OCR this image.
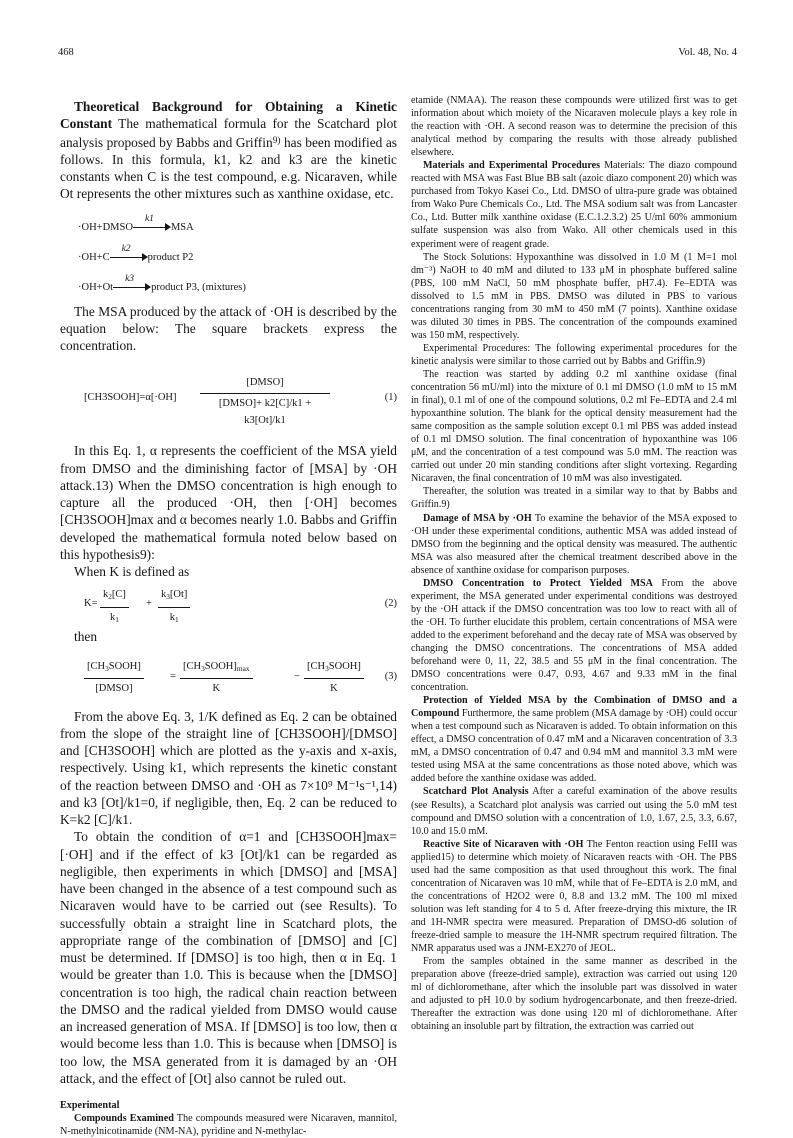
468	Vol. 48, No. 4

Theoretical Background for Obtaining a Kinetic Constant The mathematical formula for the Scatchard plot analysis proposed by Babbs and Griffin$^{9)}$ has been modified as follows. In this formula, k1, k2 and k3 are the kinetic constants when C is the test compound, e.g. Nicaraven, while Ot represents the other mixtures such as xanthine oxidase, etc.

·OH+DMSO
k1
MSA
·OH+C
k2
product P2
·OH+Ot
k3
product P3, (mixtures)

The MSA produced by the attack of ·OH is described by the equation below: The square brackets express the concentration.

[CH3SOOH]=α[·OH]
[DMSO]
[DMSO]+ k2[C]/k1 + k3[Ot]/k1
(1)

In this Eq. 1, α represents the coefficient of the MSA yield from DMSO and the diminishing factor of [MSA] by ·OH attack.13) When the DMSO concentration is high enough to capture all the produced ·OH, then [·OH] becomes [CH3SOOH]max and α becomes nearly 1.0. Babbs and Griffin developed the mathematical formula noted below based on this hypothesis9):

When K is defined as

$K= \frac{k_2[C]}{k_1} + \frac{k_3[Ot]}{k_1}$	(2)

then

$[CH_3SOOH]$
[DMSO]
=
$[CH_3SOOH]_{max}$
K
−
$[CH_3SOOH]$
K
(3)

From the above Eq. 3, 1/K defined as Eq. 2 can be obtained from the slope of the straight line of [CH3SOOH]/[DMSO] and [CH3SOOH] which are plotted as the y-axis and x-axis, respectively. Using k1, which represents the kinetic constant of the reaction between DMSO and ·OH as 7×10⁹ M⁻¹s⁻¹,14) and k3 [Ot]/k1=0, if negligible, then, Eq. 2 can be reduced to K=k2 [C]/k1.

To obtain the condition of α=1 and [CH3SOOH]max=[·OH] and if the effect of k3 [Ot]/k1 can be regarded as negligible, then experiments in which [DMSO] and [MSA] have been changed in the absence of a test compound such as Nicaraven would have to be carried out (see Results). To successfully obtain a straight line in Scatchard plots, the appropriate range of the combination of [DMSO] and [C] must be determined. If [DMSO] is too high, then α in Eq. 1 would be greater than 1.0. This is because when the [DMSO] concentration is too high, the radical chain reaction between the DMSO and the radical yielded from DMSO would cause an increased generation of MSA. If [DMSO] is too low, then α would become less than 1.0. This is because when [DMSO] is too low, the MSA generated from it is damaged by an ·OH attack, and the effect of [Ot] also cannot be ruled out.

Experimental

Compounds Examined The compounds measured were Nicaraven, mannitol, N-methylnicotinamide (NM-NA), pyridine and N-methylac-

etamide (NMAA). The reason these compounds were utilized first was to get information about which moiety of the Nicaraven molecule plays a key role in the reaction with ·OH. A second reason was to determine the precision of this analytical method by comparing the results with those already published elsewhere.

Materials and Experimental Procedures Materials: The diazo compound reacted with MSA was Fast Blue BB salt (azoic diazo component 20) which was purchased from Tokyo Kasei Co., Ltd. DMSO of ultra-pure grade was obtained from Wako Pure Chemicals Co., Ltd. The MSA sodium salt was from Lancaster Co., Ltd. Butter milk xanthine oxidase (E.C.1.2.3.2) 25 U/ml 60% ammonium sulfate suspension was also from Wako. All other chemicals used in this experiment were of reagent grade.

The Stock Solutions: Hypoxanthine was dissolved in 1.0 M (1 M=1 mol dm⁻³) NaOH to 40 mM and diluted to 133 μM in phosphate buffered saline (PBS, 100 mM NaCl, 50 mM phosphate buffer, pH7.4). Fe–EDTA was dissolved to 1.5 mM in PBS. DMSO was diluted in PBS to various concentrations ranging from 30 mM to 450 mM (7 points). Xanthine oxidase was diluted 30 times in PBS. The concentration of the compounds examined was 150 mM, respectively.

Experimental Procedures: The following experimental procedures for the kinetic analysis were similar to those carried out by Babbs and Griffin.9)

The reaction was started by adding 0.2 ml xanthine oxidase (final concentration 56 mU/ml) into the mixture of 0.1 ml DMSO (1.0 mM to 15 mM in final), 0.1 ml of one of the compound solutions, 0.2 ml Fe–EDTA and 2.4 ml hypoxanthine solution. The blank for the optical density measurement had the same composition as the sample solution except 0.1 ml PBS was added instead of 0.1 ml DMSO solution. The final concentration of hypoxanthine was 106 μM, and the concentration of a test compound was 5.0 mM. The reaction was carried out under 20 min standing conditions after slight vortexing. Regarding Nicaraven, the final concentration of 10 mM was also investigated.

Thereafter, the solution was treated in a similar way to that by Babbs and Griffin.9)

Damage of MSA by ·OH To examine the behavior of the MSA exposed to ·OH under these experimental conditions, authentic MSA was added instead of DMSO from the beginning and the optical density was measured. The authentic MSA was also measured after the chemical treatment described above in the absence of xanthine oxidase for comparison purposes.

DMSO Concentration to Protect Yielded MSA From the above experiment, the MSA generated under experimental conditions was destroyed by the ·OH attack if the DMSO concentration was too low to react with all of the ·OH. To further elucidate this problem, certain concentrations of MSA were added to the experiment beforehand and the decay rate of MSA was observed by changing the DMSO concentrations. The concentrations of MSA added beforehand were 0, 11, 22, 38.5 and 55 μM in the final concentration. The DMSO concentrations were 0.47, 0.93, 4.67 and 9.33 mM in the final concentration.

Protection of Yielded MSA by the Combination of DMSO and a Compound Furthermore, the same problem (MSA damage by ·OH) could occur when a test compound such as Nicaraven is added. To obtain information on this effect, a DMSO concentration of 0.47 mM and a Nicaraven concentration of 3.3 mM, a DMSO concentration of 0.47 and 0.94 mM and mannitol 3.3 mM were tested using MSA at the same concentrations as those noted above, which was added before the xanthine oxidase was added.

Scatchard Plot Analysis After a careful examination of the above results (see Results), a Scatchard plot analysis was carried out using the 5.0 mM test compound and DMSO solution with a concentration of 1.0, 1.67, 2.5, 3.3, 6.67, 10.0 and 15.0 mM.

Reactive Site of Nicaraven with ·OH The Fenton reaction using FeIII was applied15) to determine which moiety of Nicaraven reacts with ·OH. The PBS used had the same composition as that used throughout this work. The final concentration of Nicaraven was 10 mM, while that of Fe–EDTA is 2.0 mM, and the concentrations of H2O2 were 0, 8.8 and 13.2 mM. The 100 ml mixed solution was left standing for 4 to 5 d. After freeze-drying this mixture, the IR and 1H-NMR spectra were measured. Preparation of DMSO-d6 solution of freeze-dried sample to measure the 1H-NMR spectrum required filtration. The NMR apparatus used was a JNM-EX270 of JEOL.

From the samples obtained in the same manner as described in the preparation above (freeze-dried sample), extraction was carried out using 120 ml of dichloromethane, after which the insoluble part was dissolved in water and adjusted to pH 10.0 by sodium hydrogencarbonate, and then freeze-dried. Thereafter the extraction was done using 120 ml of dichloromethane. After obtaining an insoluble part by filtration, the extraction was carried out
